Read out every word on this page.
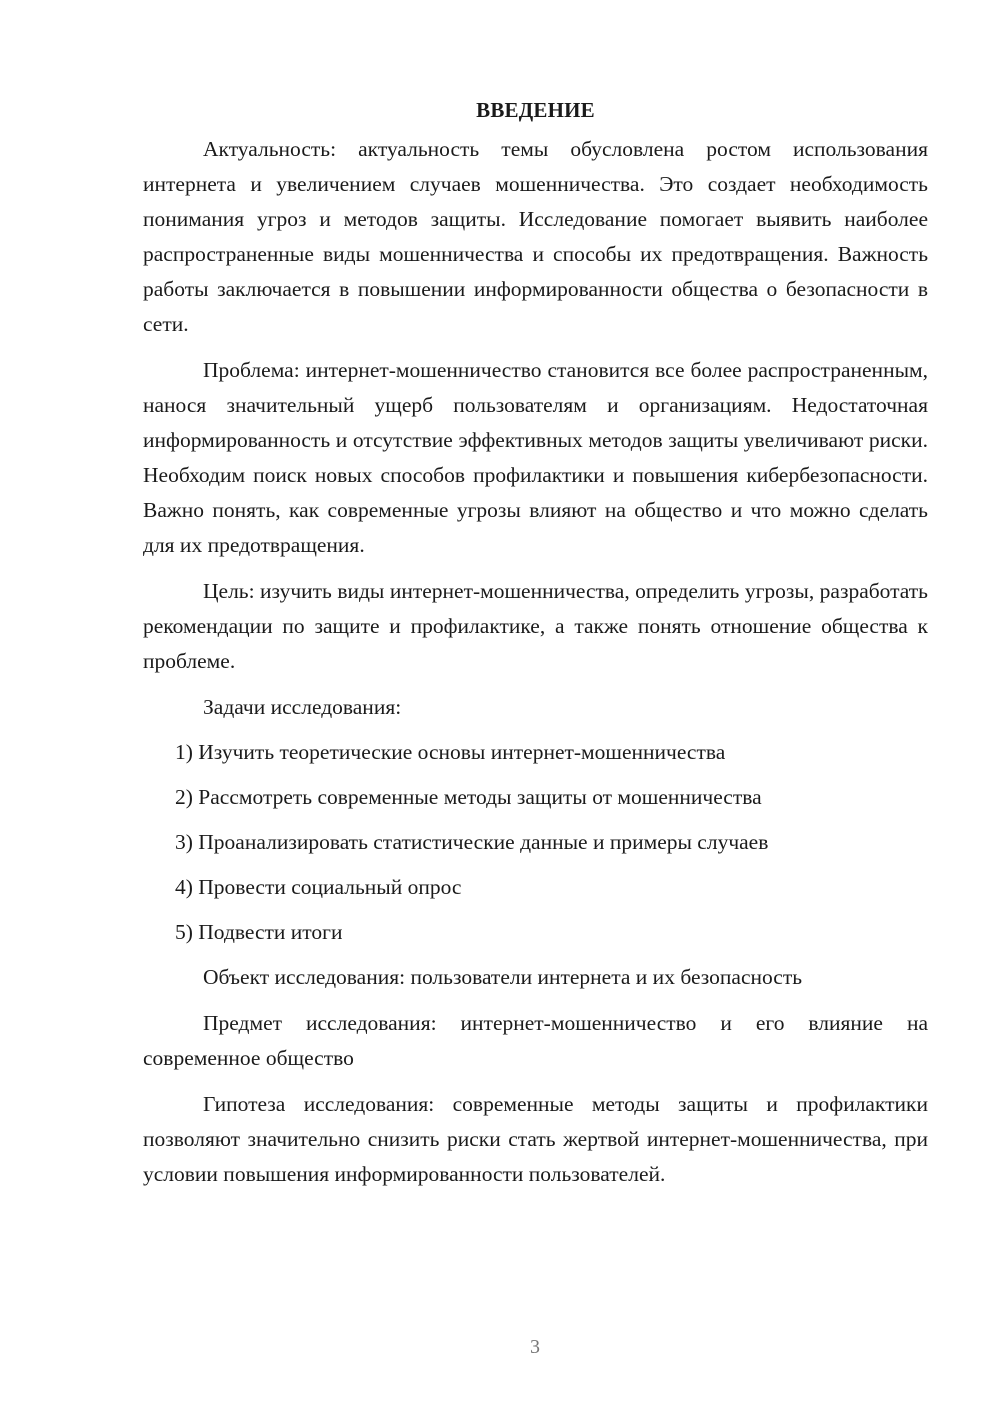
ВВЕДЕНИЕ

Актуальность: актуальность темы обусловлена ростом использования интернета и увеличением случаев мошенничества. Это создает необходимость понимания угроз и методов защиты. Исследование помогает выявить наиболее распространенные виды мошенничества и способы их предотвращения. Важность работы заключается в повышении информированности общества о безопасности в сети.

Проблема: интернет-мошенничество становится все более распространенным, нанося значительный ущерб пользователям и организациям. Недостаточная информированность и отсутствие эффективных методов защиты увеличивают риски. Необходим поиск новых способов профилактики и повышения кибербезопасности. Важно понять, как современные угрозы влияют на общество и что можно сделать для их предотвращения.

Цель: изучить виды интернет-мошенничества, определить угрозы, разработать рекомендации по защите и профилактике, а также понять отношение общества к проблеме.

Задачи исследования:

1) Изучить теоретические основы интернет-мошенничества
2) Рассмотреть современные методы защиты от мошенничества
3) Проанализировать статистические данные и примеры случаев
4) Провести социальный опрос
5) Подвести итоги

Объект исследования: пользователи интернета и их безопасность

Предмет исследования: интернет-мошенничество и его влияние на современное общество

Гипотеза исследования: современные методы защиты и профилактики позволяют значительно снизить риски стать жертвой интернет-мошенничества, при условии повышения информированности пользователей.

3
